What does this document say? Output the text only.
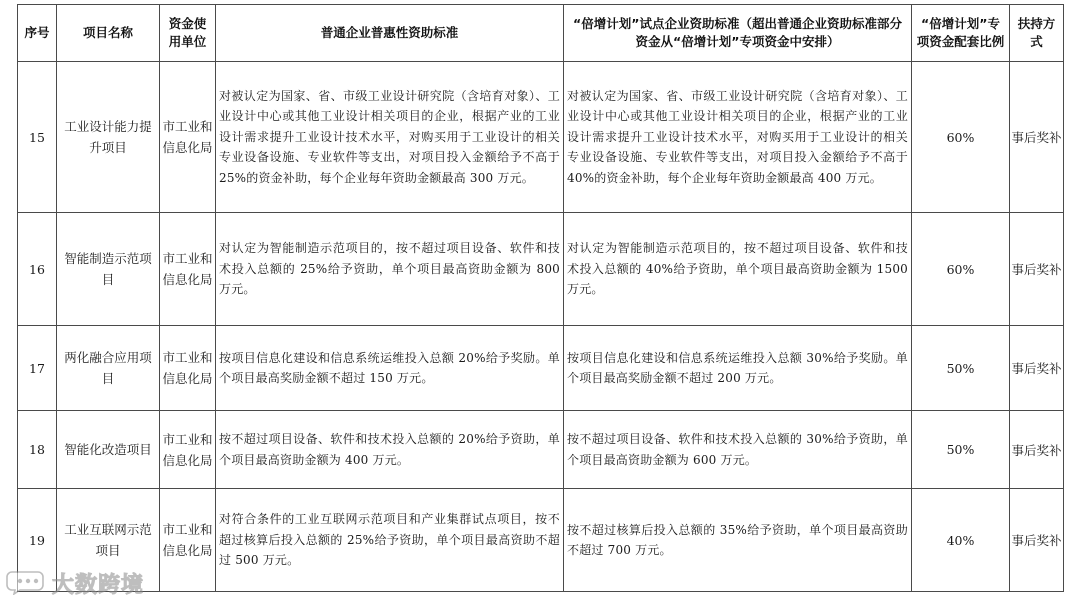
序号	项目名称	资金使用单位	普通企业普惠性资助标准	“倍增计划”试点企业资助标准（超出普通企业资助标准部分资金从“倍增计划”专项资金中安排）	“倍增计划”专项资金配套比例	扶持方式
15	工业设计能力提升项目	市工业和信息化局	对被认定为国家、省、市级工业设计研究院（含培育对象）、工业设计中心或其他工业设计相关项目的企业，根据产业的工业设计需求提升工业设计技术水平，对购买用于工业设计的相关专业设备设施、专业软件等支出，对项目投入金额给予不高于 25%的资金补助，每个企业每年资助金额最高 300 万元。	对被认定为国家、省、市级工业设计研究院（含培育对象）、工业设计中心或其他工业设计相关项目的企业，根据产业的工业设计需求提升工业设计技术水平，对购买用于工业设计的相关专业设备设施、专业软件等支出，对项目投入金额给予不高于 40%的资金补助，每个企业每年资助金额最高 400 万元。	60%	事后奖补
16	智能制造示范项目	市工业和信息化局	对认定为智能制造示范项目的，按不超过项目设备、软件和技术投入总额的 25%给予资助，单个项目最高资助金额为 800 万元。	对认定为智能制造示范项目的，按不超过项目设备、软件和技术投入总额的 40%给予资助，单个项目最高资助金额为 1500 万元。	60%	事后奖补
17	两化融合应用项目	市工业和信息化局	按项目信息化建设和信息系统运维投入总额 20%给予奖励。单个项目最高奖励金额不超过 150 万元。	按项目信息化建设和信息系统运维投入总额 30%给予奖励。单个项目最高奖励金额不超过 200 万元。	50%	事后奖补
18	智能化改造项目	市工业和信息化局	按不超过项目设备、软件和技术投入总额的 20%给予资助，单个项目最高资助金额为 400 万元。	按不超过项目设备、软件和技术投入总额的 30%给予资助，单个项目最高资助金额为 600 万元。	50%	事后奖补
19	工业互联网示范项目	市工业和信息化局	对符合条件的工业互联网示范项目和产业集群试点项目，按不超过核算后投入总额的 25%给予资助，单个项目最高资助不超过 500 万元。	按不超过核算后投入总额的 35%给予资助，单个项目最高资助不超过 700 万元。	40%	事后奖补
大数跨境
